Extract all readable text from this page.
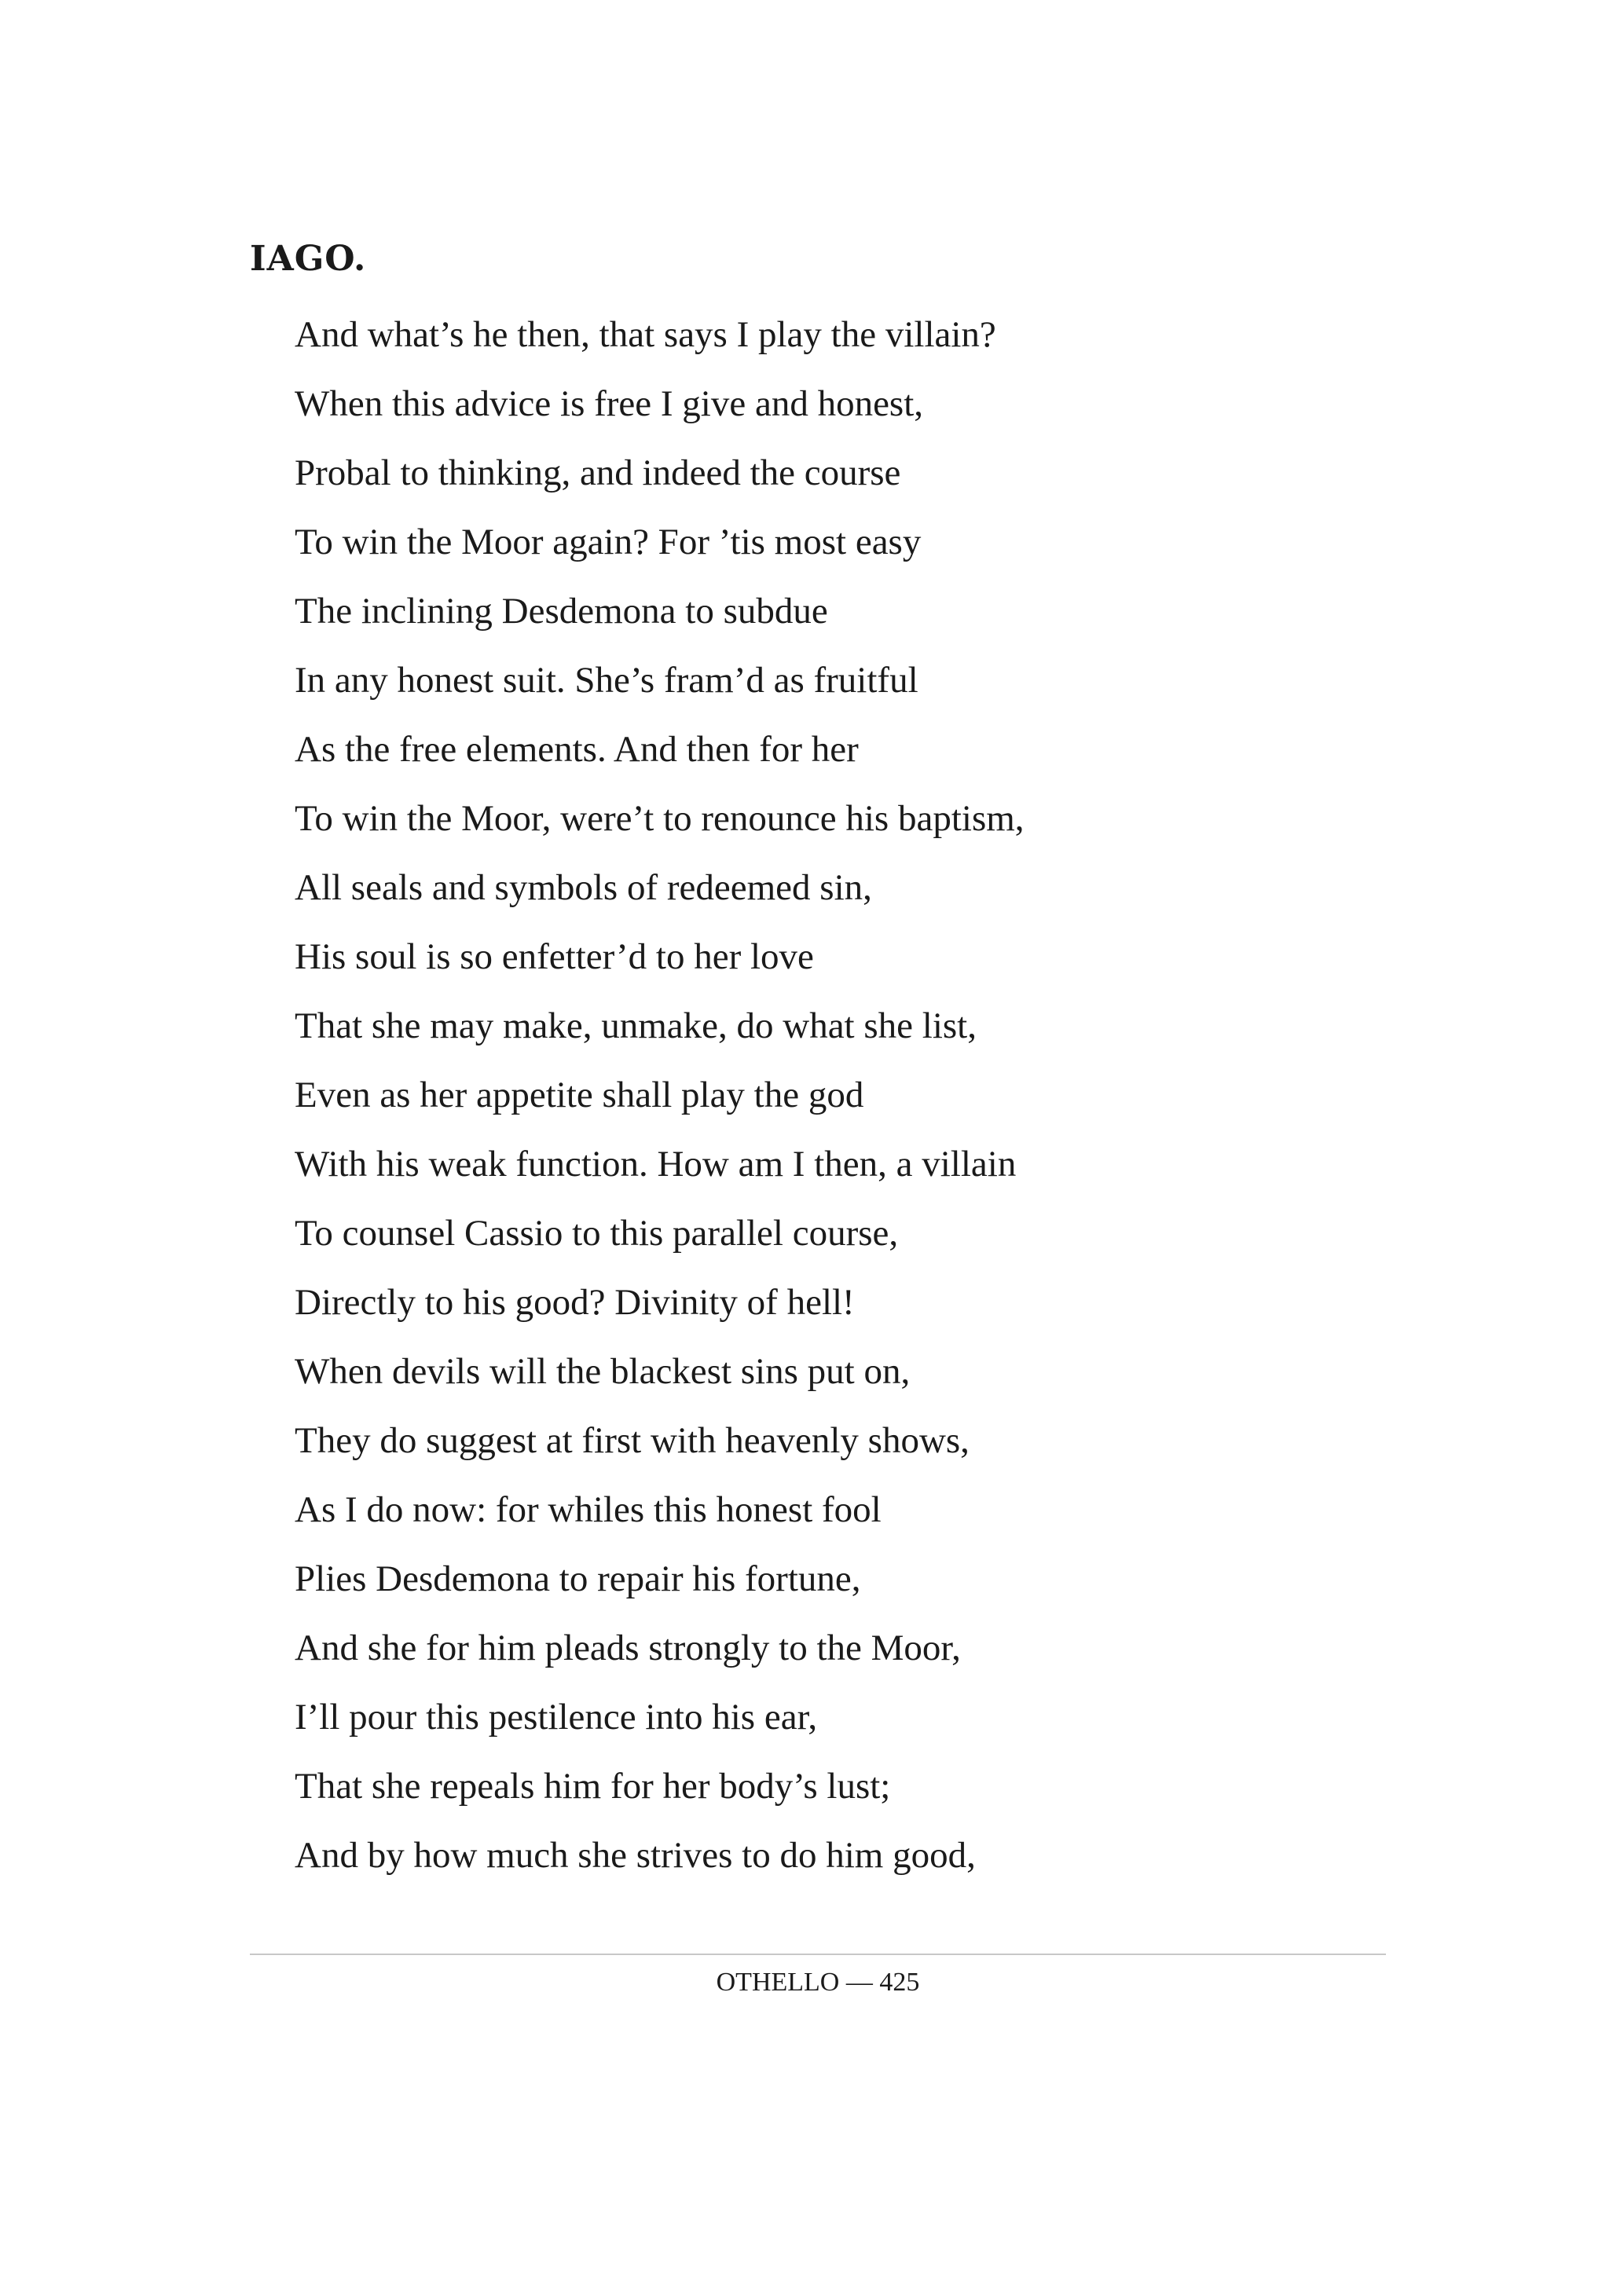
IAGO.
And what’s he then, that says I play the villain?
When this advice is free I give and honest,
Probal to thinking, and indeed the course
To win the Moor again? For ’tis most easy
The inclining Desdemona to subdue
In any honest suit. She’s fram’d as fruitful
As the free elements. And then for her
To win the Moor, were’t to renounce his baptism,
All seals and symbols of redeemed sin,
His soul is so enfetter’d to her love
That she may make, unmake, do what she list,
Even as her appetite shall play the god
With his weak function. How am I then, a villain
To counsel Cassio to this parallel course,
Directly to his good? Divinity of hell!
When devils will the blackest sins put on,
They do suggest at first with heavenly shows,
As I do now: for whiles this honest fool
Plies Desdemona to repair his fortune,
And she for him pleads strongly to the Moor,
I’ll pour this pestilence into his ear,
That she repeals him for her body’s lust;
And by how much she strives to do him good,
OTHELLO — 425
